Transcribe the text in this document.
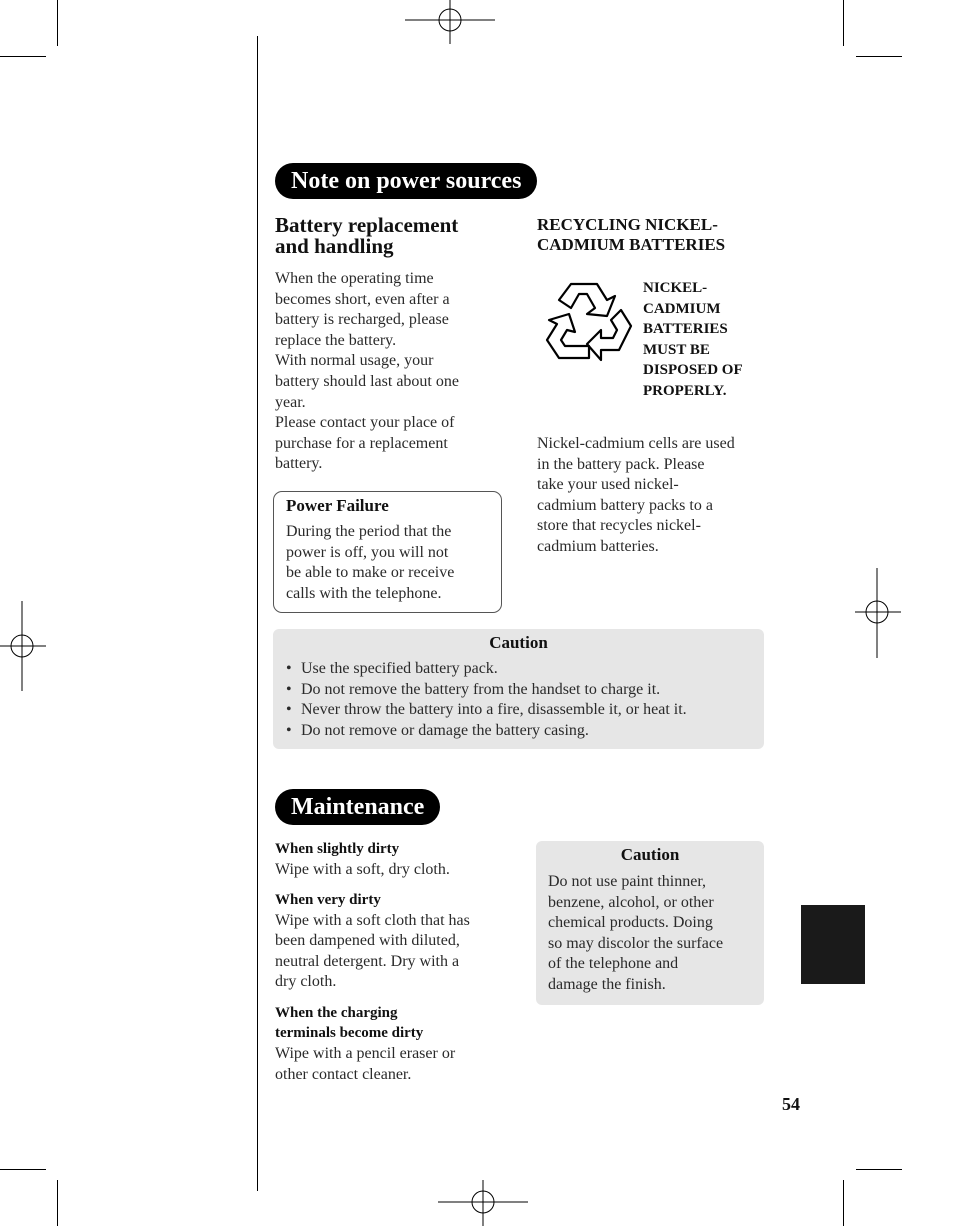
Note on power sources
Battery replacement
and handling
When the operating time
becomes short, even after a
battery is recharged, please
replace the battery.
With normal usage, your
battery should last about one
year.
Please contact your place of
purchase for a replacement
battery.
Power Failure
During the period that the
power is off, you will not
be able to make or receive
calls with the telephone.
RECYCLING NICKEL-
CADMIUM BATTERIES
NICKEL-
CADMIUM
BATTERIES
MUST BE
DISPOSED OF
PROPERLY.
Nickel-cadmium cells are used
in the battery pack. Please
take your used nickel-
cadmium battery packs to a
store that recycles nickel-
cadmium batteries.
Caution
• Use the specified battery pack.
• Do not remove the battery from the handset to charge it.
• Never throw the battery into a fire, disassemble it, or heat it.
• Do not remove or damage the battery casing.
Maintenance
When slightly dirty
Wipe with a soft, dry cloth.
When very dirty
Wipe with a soft cloth that has
been dampened with diluted,
neutral detergent. Dry with a
dry cloth.
When the charging
terminals become dirty
Wipe with a pencil eraser or
other contact cleaner.
Caution
Do not use paint thinner,
benzene, alcohol, or other
chemical products. Doing
so may discolor the surface
of the telephone and
damage the finish.
54
